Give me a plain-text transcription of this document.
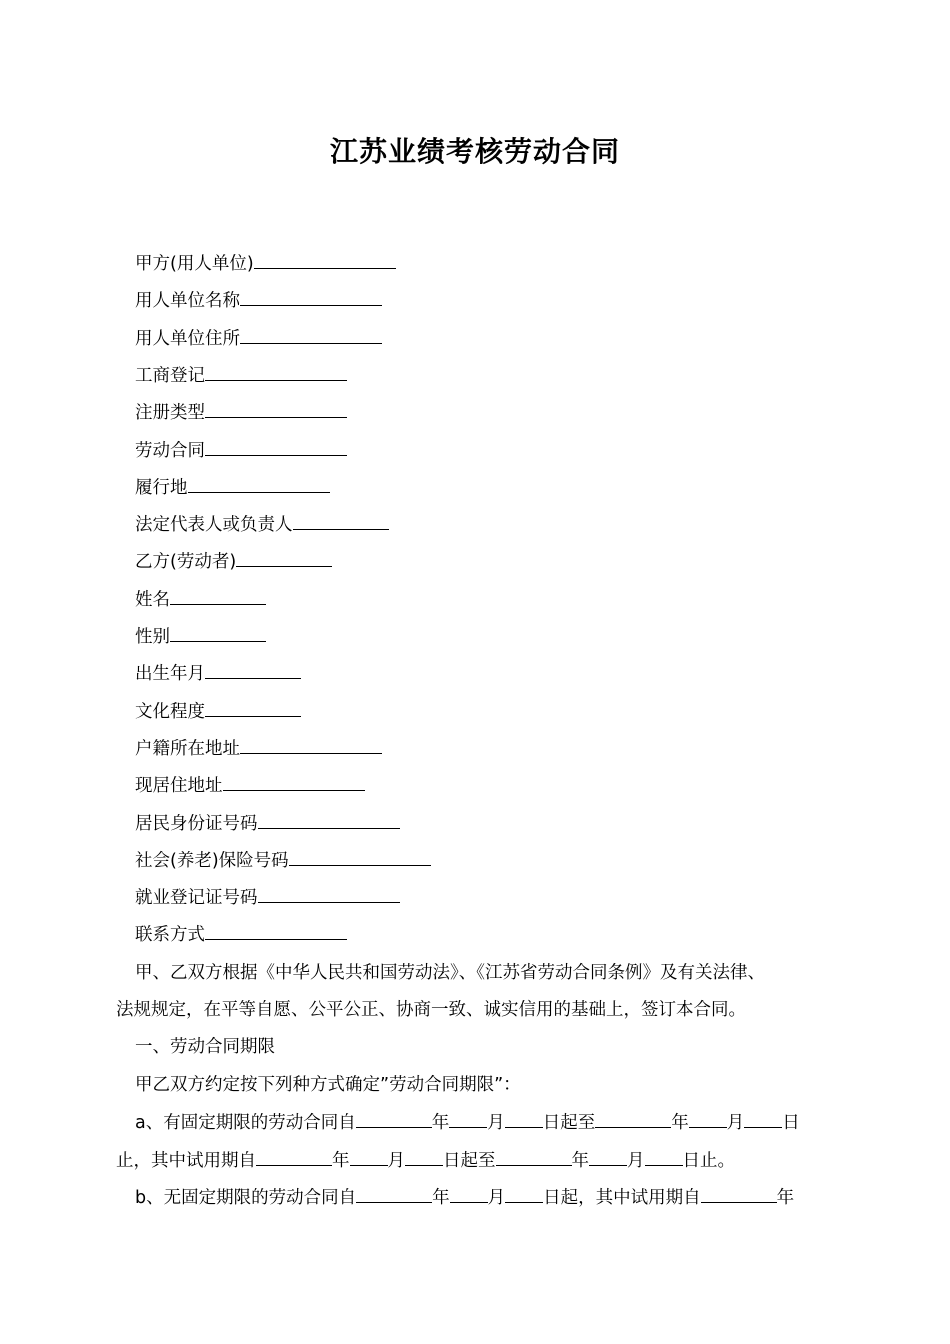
江苏业绩考核劳动合同
甲方(用人单位)
用人单位名称
用人单位住所
工商登记
注册类型
劳动合同
履行地
法定代表人或负责人
乙方(劳动者)
姓名
性别
出生年月
文化程度
户籍所在地址
现居住地址
居民身份证号码
社会(养老)保险号码
就业登记证号码
联系方式
甲、乙双方根据《中华人民共和国劳动法》、《江苏省劳动合同条例》及有关法律、
法规规定，在平等自愿、公平公正、协商一致、诚实信用的基础上，签订本合同。
一、劳动合同期限
甲乙双方约定按下列种方式确定”劳动合同期限”：
a、有固定期限的劳动合同自	年 月 日起至	年 月 日
止，其中试用期自	年 月 日起至	年 月 日止。
b、无固定期限的劳动合同自	年 月 日起，其中试用期自	年
